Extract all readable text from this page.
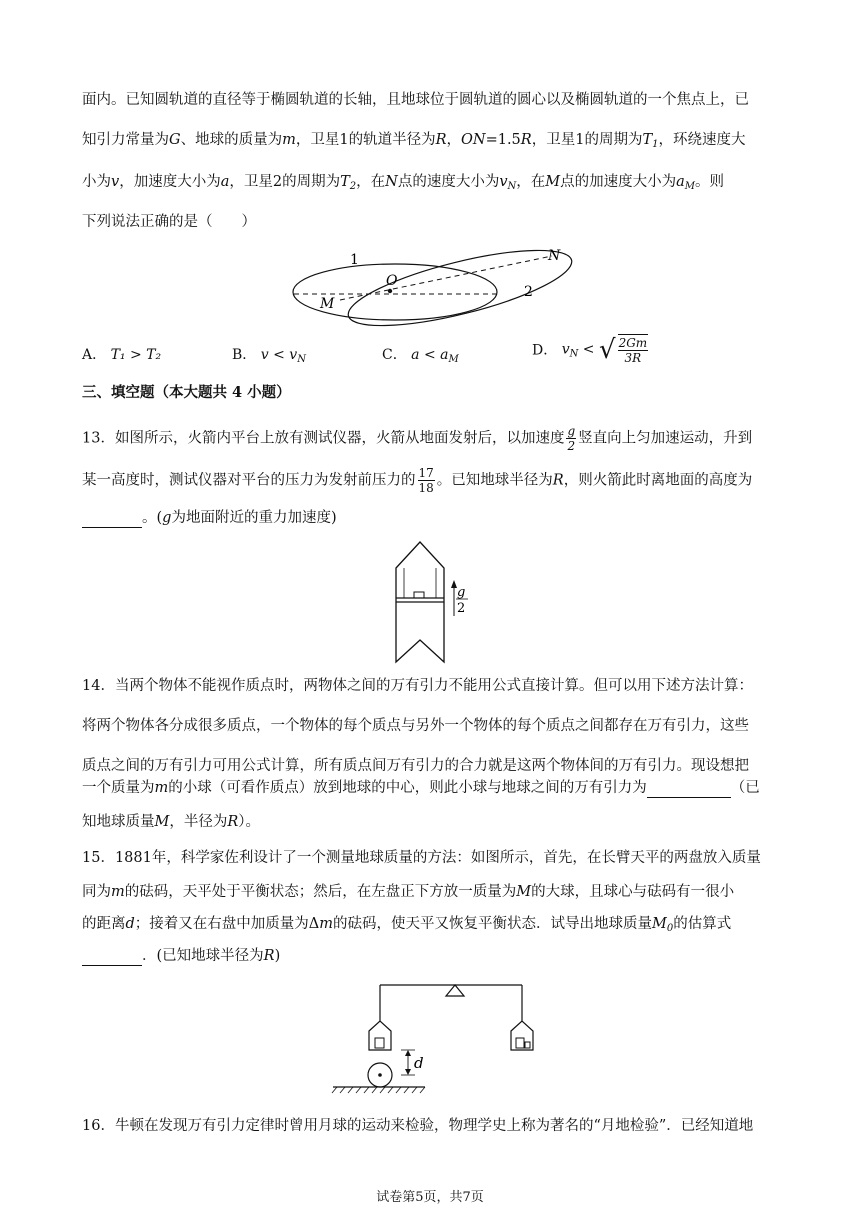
面内。已知圆轨道的直径等于椭圆轨道的长轴，且地球位于圆轨道的圆心以及椭圆轨道的一个焦点上，已
知引力常量为G、地球的质量为m，卫星1的轨道半径为R，ON=1.5R，卫星1的周期为$T_1$，环绕速度大
小为v，加速度大小为a，卫星2的周期为$T_2$，在N点的速度大小为$v_N$，在M点的加速度大小为$a_M$。则
下列说法正确的是（　　）
1
O
M
N
2
A． T₁ > T₂	B． $v < v_N$	C． $a < a_M$
D． $v_N$ < √ $\frac{2Gm}{3R}$
三、填空题（本大题共 4 小题）
13．如图所示，火箭内平台上放有测试仪器，火箭从地面发射后，以加速度 $\frac{g}{2}$ 竖直向上匀加速运动，升到
某一高度时，测试仪器对平台的压力为发射前压力的 $\frac{17}{18}$ 。已知地球半径为R，则火箭此时离地面的高度为
。(g为地面附近的重力加速度)
g
2
14．当两个物体不能视作质点时，两物体之间的万有引力不能用公式直接计算。但可以用下述方法计算：
将两个物体各分成很多质点，一个物体的每个质点与另外一个物体的每个质点之间都存在万有引力，这些
质点之间的万有引力可用公式计算，所有质点间万有引力的合力就是这两个物体间的万有引力。现设想把
一个质量为m的小球（可看作质点）放到地球的中心，则此小球与地球之间的万有引力为	（已
知地球质量M，半径为R）。
15．1881年，科学家佐利设计了一个测量地球质量的方法：如图所示，首先，在长臂天平的两盘放入质量
同为m的砝码，天平处于平衡状态；然后，在左盘正下方放一质量为M的大球，且球心与砝码有一很小
的距离d；接着又在右盘中加质量为Δm的砝码，使天平又恢复平衡状态．试导出地球质量$M_0$的估算式
．(已知地球半径为R)
d
16．牛顿在发现万有引力定律时曾用月球的运动来检验，物理学史上称为著名的“月地检验”．已经知道地
试卷第5页，共7页
